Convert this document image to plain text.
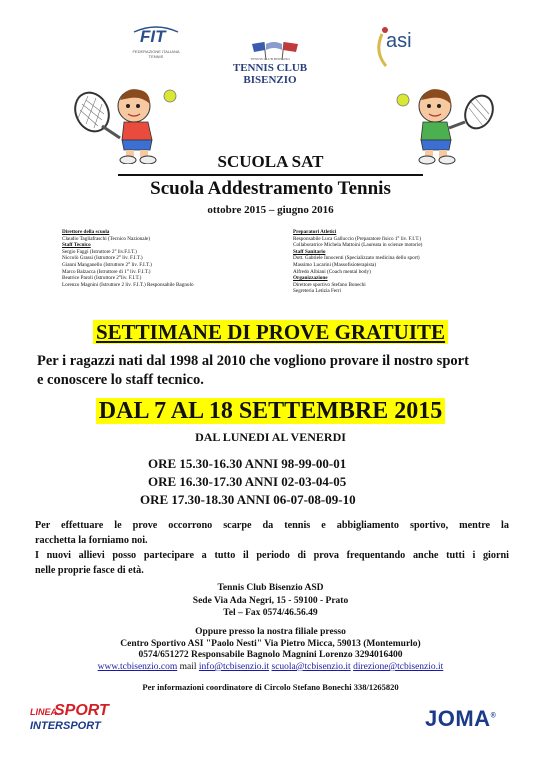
FIT
FEDERAZIONE ITALIANA TENNIS	TENNIS CLUB BISENZIO
TENNIS CLUB BISENZIO
asi
SCUOLA SAT
Scuola Addestramento Tennis
ottobre 2015 – giugno 2016
Direttore della scuola
Claudio Tagliafraschi (Tecnico Nazionale)
Staff Tecnico
Sergio Faggi (Istruttore 2° liv.F.I.T.)
Niccolò Grassi (Istruttore 2° liv. F.I.T.)
Gianni Manganello (Istruttore 2° liv. F.I.T.)
Marco Balzacca (Istruttore di 1° liv. F.I.T.)
Beatrice Paroli (Istruttore 2°liv. F.I.T.)
Lorenzo Magnini (Istruttore 2 liv. F.I.T.) Responsabile Bagnolo
Preparatori Atletici
Responsabile Luca Galluccio (Preparatore fisico 1° liv. F.I.T.)
Collaboratrice Michela Mattoini (Laureata in scienze motorie)
Staff Sanitario
Dott. Gabriele Innocenti (Specializzato medicina dello sport)
Massimo Lucarini (Massofisioterapista)
Alfredo Albiani (Coach mental body)
Organizzazione
Direttore sportivo Stefano Bonechi
Segreteria Letizia Ferri
SETTIMANE DI PROVE GRATUITE
Per i ragazzi nati dal 1998 al 2010 che vogliono provare il nostro sport
e conoscere lo staff tecnico.
DAL 7 AL 18 SETTEMBRE 2015
DAL LUNEDI AL VENERDI
ORE 15.30-16.30 ANNI 98-99-00-01
ORE 16.30-17.30 ANNI 02-03-04-05
ORE 17.30-18.30 ANNI 06-07-08-09-10
Per effettuare le prove occorrono scarpe da tennis e abbigliamento sportivo, mentre la
racchetta la forniamo noi.
I nuovi allievi posso partecipare a tutto il periodo di prova frequentando anche tutti i giorni
nelle proprie fasce di età.
Tennis Club Bisenzio ASD
Sede Via Ada Negri, 15 - 59100 - Prato
Tel – Fax 0574/46.56.49
Oppure presso la nostra filiale presso
Centro Sportivo ASI "Paolo Nesti" Via Pietro Micca, 59013 (Montemurlo)
0574/651272 Responsabile Bagnolo Magnini Lorenzo 3294016400
www.tcbisenzio.com mail info@tcbisenzio.it scuola@tcbisenzio.it direzione@tcbisenzio.it
Per informazioni coordinatore di Circolo Stefano Bonechi 338/1265820
LINEA
SPORT
INTERSPORT	JOMA®
